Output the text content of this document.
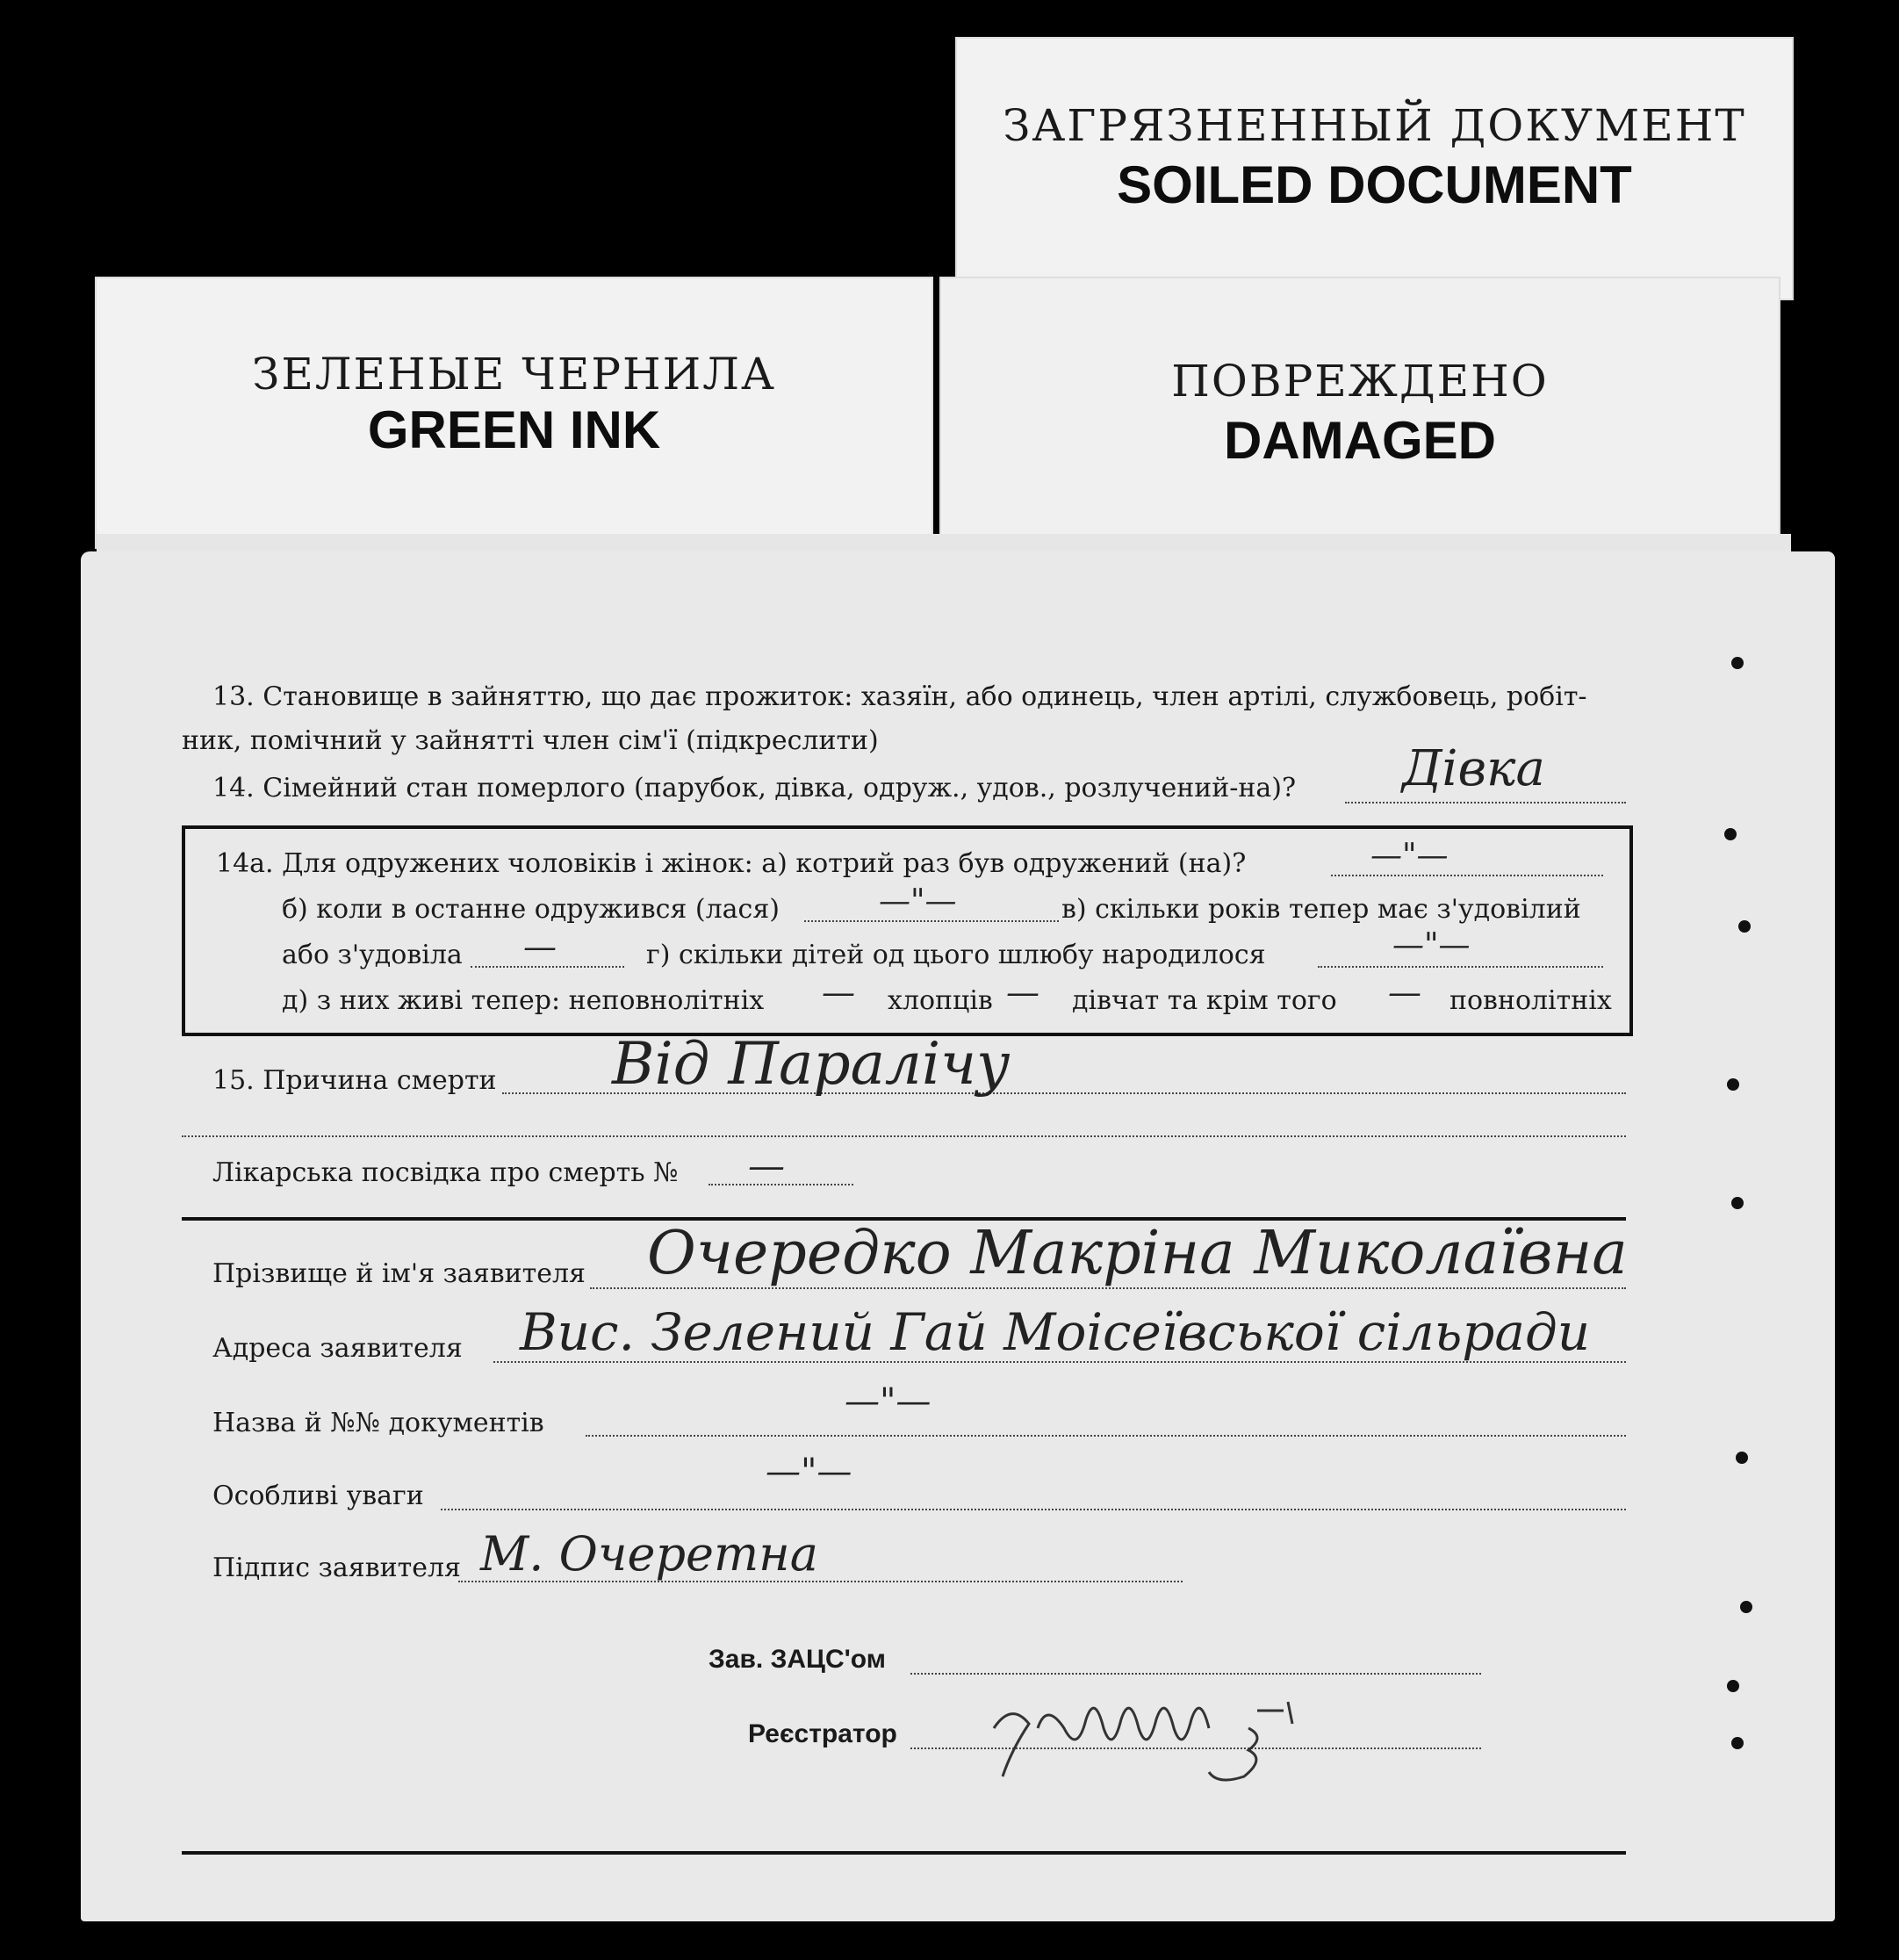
ЗАГРЯЗНЕННЫЙ ДОКУМЕНТ
SOILED DOCUMENT
ЗЕЛЕНЫЕ ЧЕРНИЛА
GREEN INK
ПОВРЕЖДЕНО
DAMAGED
13. Становище в зайняттю, що дає прожиток: хазяїн, або одинець, член артілі, службовець, робіт-
ник, помічний у зайнятті член сім'ї (підкреслити)
14. Сімейний стан померлого (парубок, дівка, одруж., удов., розлучений-на)? Дівка
14а. Для одружених чоловіків і жінок: а) котрий раз був одружений (на)?	—"—
б) коли в останне одружився (лася)	—"—	в) скільки років тепер має з'удовілий
або з'удовіла —	г) скільки дітей од цього шлюбу народилося	—"—
д) з них живі тепер: неповнолітніх — хлопців — дівчат та крім того — повнолітніх
15. Причина смерти Від Паралічу
Лікарська посвідка про смерть № —
Прізвище й ім'я заявителя Очередко Макріна Миколаївна
Адреса заявителя Вис. Зелений Гай Моісеївської сільради
Назва й №№ документів
—"—
Особливі уваги
—"—
Підпис заявителя М. Очеретна
Зав. ЗАЦС'ом
Реєстратор
